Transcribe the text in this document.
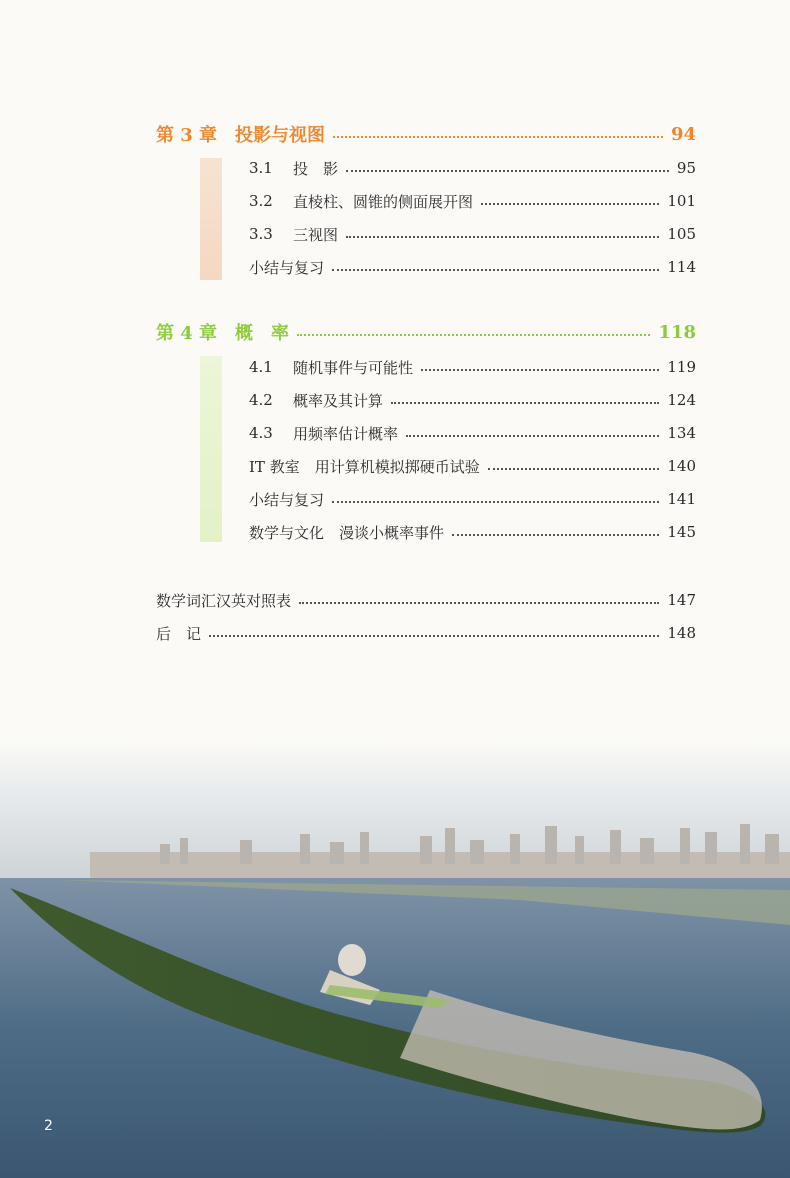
第 3 章　投影与视图	94
3.1	投　影	95
3.2	直棱柱、圆锥的侧面展开图	101
3.3	三视图	105
小结与复习	114
第 4 章　概　率	118
4.1	随机事件与可能性	119
4.2	概率及其计算	124
4.3	用频率估计概率	134
IT 教室　用计算机模拟掷硬币试验	140
小结与复习	141
数学与文化　漫谈小概率事件	145
数学词汇汉英对照表	147
后　记	148
2
